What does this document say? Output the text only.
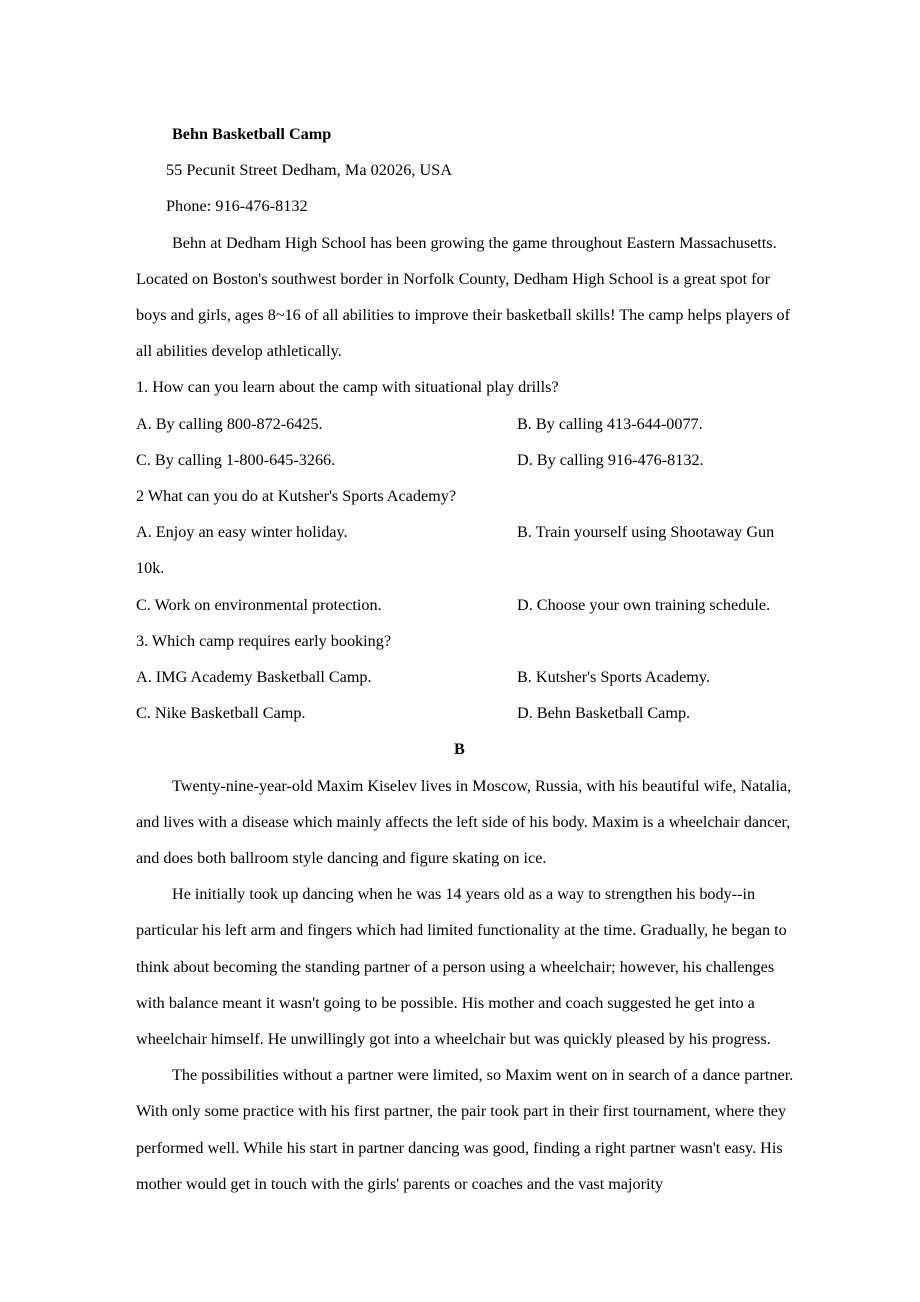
Behn Basketball Camp
55 Pecunit Street Dedham, Ma 02026, USA
Phone: 916-476-8132

Behn at Dedham High School has been growing the game throughout Eastern Massachusetts. Located on Boston's southwest border in Norfolk County, Dedham High School is a great spot for boys and girls, ages 8~16 of all abilities to improve their basketball skills! The camp helps players of all abilities develop athletically.

1. How can you learn about the camp with situational play drills?
A. By calling 800-872-6425.	B. By calling 413-644-0077.
C. By calling 1-800-645-3266.	D. By calling 916-476-8132.
2 What can you do at Kutsher's Sports Academy?
A. Enjoy an easy winter holiday.	B. Train yourself using Shootaway Gun
10k.
C. Work on environmental protection.	D. Choose your own training schedule.
3. Which camp requires early booking?
A. IMG Academy Basketball Camp.	B. Kutsher's Sports Academy.
C. Nike Basketball Camp.	D. Behn Basketball Camp.
B

Twenty-nine-year-old Maxim Kiselev lives in Moscow, Russia, with his beautiful wife, Natalia, and lives with a disease which mainly affects the left side of his body. Maxim is a wheelchair dancer, and does both ballroom style dancing and figure skating on ice.

He initially took up dancing when he was 14 years old as a way to strengthen his body--in particular his left arm and fingers which had limited functionality at the time. Gradually, he began to think about becoming the standing partner of a person using a wheelchair; however, his challenges with balance meant it wasn't going to be possible. His mother and coach suggested he get into a wheelchair himself. He unwillingly got into a wheelchair but was quickly pleased by his progress.

The possibilities without a partner were limited, so Maxim went on in search of a dance partner. With only some practice with his first partner, the pair took part in their first tournament, where they performed well. While his start in partner dancing was good, finding a right partner wasn't easy. His mother would get in touch with the girls' parents or coaches and the vast majority
